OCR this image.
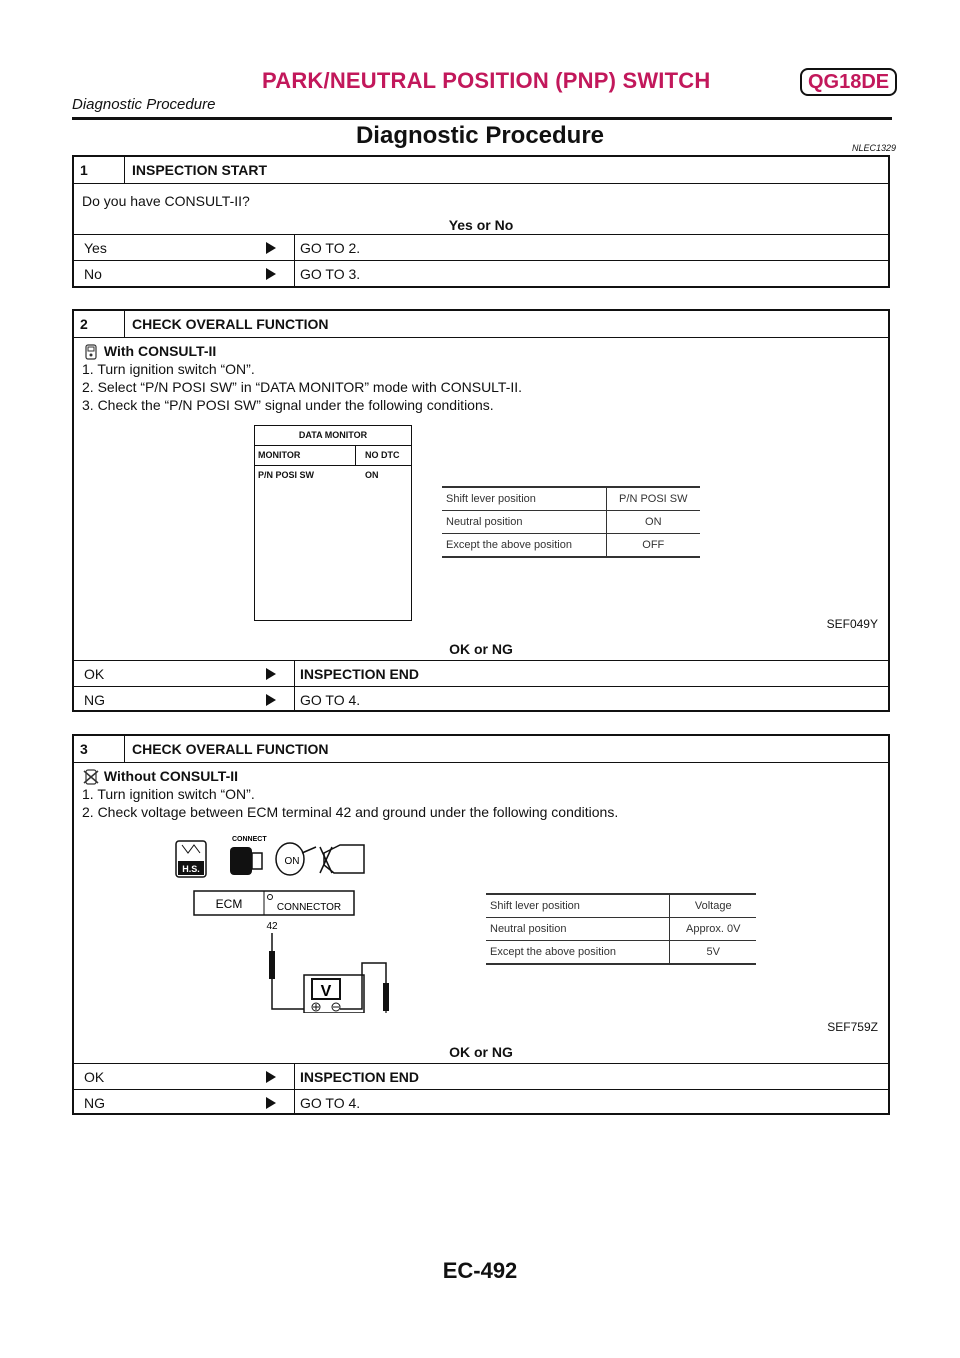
PARK/NEUTRAL POSITION (PNP) SWITCH	QG18DE
Diagnostic Procedure
Diagnostic Procedure	NLEC1329
1	INSPECTION START
Do you have CONSULT-II?
Yes or No
Yes	GO TO 2.
No	GO TO 3.
2	CHECK OVERALL FUNCTION
With CONSULT-II
1. Turn ignition switch “ON”.
2. Select “P/N POSI SW” in “DATA MONITOR” mode with CONSULT-II.
3. Check the “P/N POSI SW” signal under the following conditions.
DATA MONITOR
MONITOR	NO DTC
P/N POSI SW	ON
Shift lever position	P/N POSI SW
Neutral position	ON
Except the above position	OFF
SEF049Y
OK or NG
OK	INSPECTION END
NG	GO TO 4.
3	CHECK OVERALL FUNCTION
Without CONSULT-II
1. Turn ignition switch “ON”.
2. Check voltage between ECM terminal 42 and ground under the following conditions.
H.S.
CONNECT
ON
ECM	CONNECTOR
42
V
Shift lever position	Voltage
Neutral position	Approx. 0V
Except the above position	5V
SEF759Z
OK or NG
OK	INSPECTION END
NG	GO TO 4.
EC-492
